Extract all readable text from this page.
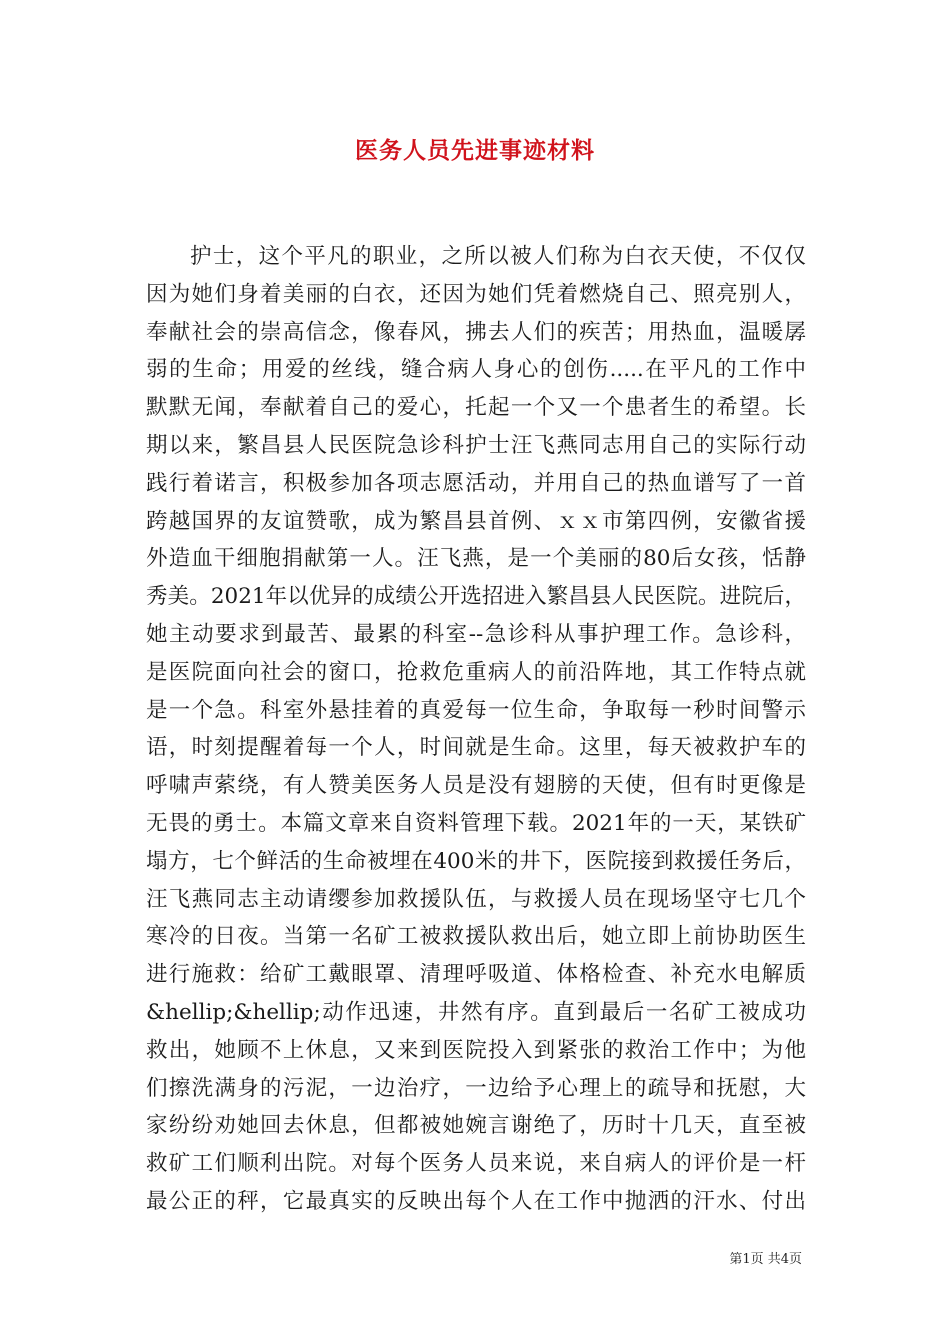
医务人员先进事迹材料
护士，这个平凡的职业，之所以被人们称为白衣天使，不仅仅
因为她们身着美丽的白衣，还因为她们凭着燃烧自己、照亮别人，
奉献社会的崇高信念，像春风，拂去人们的疾苦；用热血，温暖孱
弱的生命；用爱的丝线，缝合病人身心的创伤.....在平凡的工作中
默默无闻，奉献着自己的爱心，托起一个又一个患者生的希望。长
期以来，繁昌县人民医院急诊科护士汪飞燕同志用自己的实际行动
践行着诺言，积极参加各项志愿活动，并用自己的热血谱写了一首
跨越国界的友谊赞歌，成为繁昌县首例、ｘｘ市第四例，安徽省援
外造血干细胞捐献第一人。汪飞燕，是一个美丽的80后女孩，恬静
秀美。2021年以优异的成绩公开选招进入繁昌县人民医院。进院后，
她主动要求到最苦、最累的科室--急诊科从事护理工作。急诊科，
是医院面向社会的窗口，抢救危重病人的前沿阵地，其工作特点就
是一个急。科室外悬挂着的真爱每一位生命，争取每一秒时间警示
语，时刻提醒着每一个人，时间就是生命。这里，每天被救护车的
呼啸声萦绕，有人赞美医务人员是没有翅膀的天使，但有时更像是
无畏的勇士。本篇文章来自资料管理下载。2021年的一天，某铁矿
塌方，七个鲜活的生命被埋在400米的井下，医院接到救援任务后，
汪飞燕同志主动请缨参加救援队伍，与救援人员在现场坚守七几个
寒冷的日夜。当第一名矿工被救援队救出后，她立即上前协助医生
进行施救：给矿工戴眼罩、清理呼吸道、体格检查、补充水电解质
&hellip;&hellip;动作迅速，井然有序。直到最后一名矿工被成功
救出，她顾不上休息，又来到医院投入到紧张的救治工作中；为他
们擦洗满身的污泥，一边治疗，一边给予心理上的疏导和抚慰，大
家纷纷劝她回去休息，但都被她婉言谢绝了，历时十几天，直至被
救矿工们顺利出院。对每个医务人员来说，来自病人的评价是一杆
最公正的秤，它最真实的反映出每个人在工作中抛洒的汗水、付出
第1页 共4页
